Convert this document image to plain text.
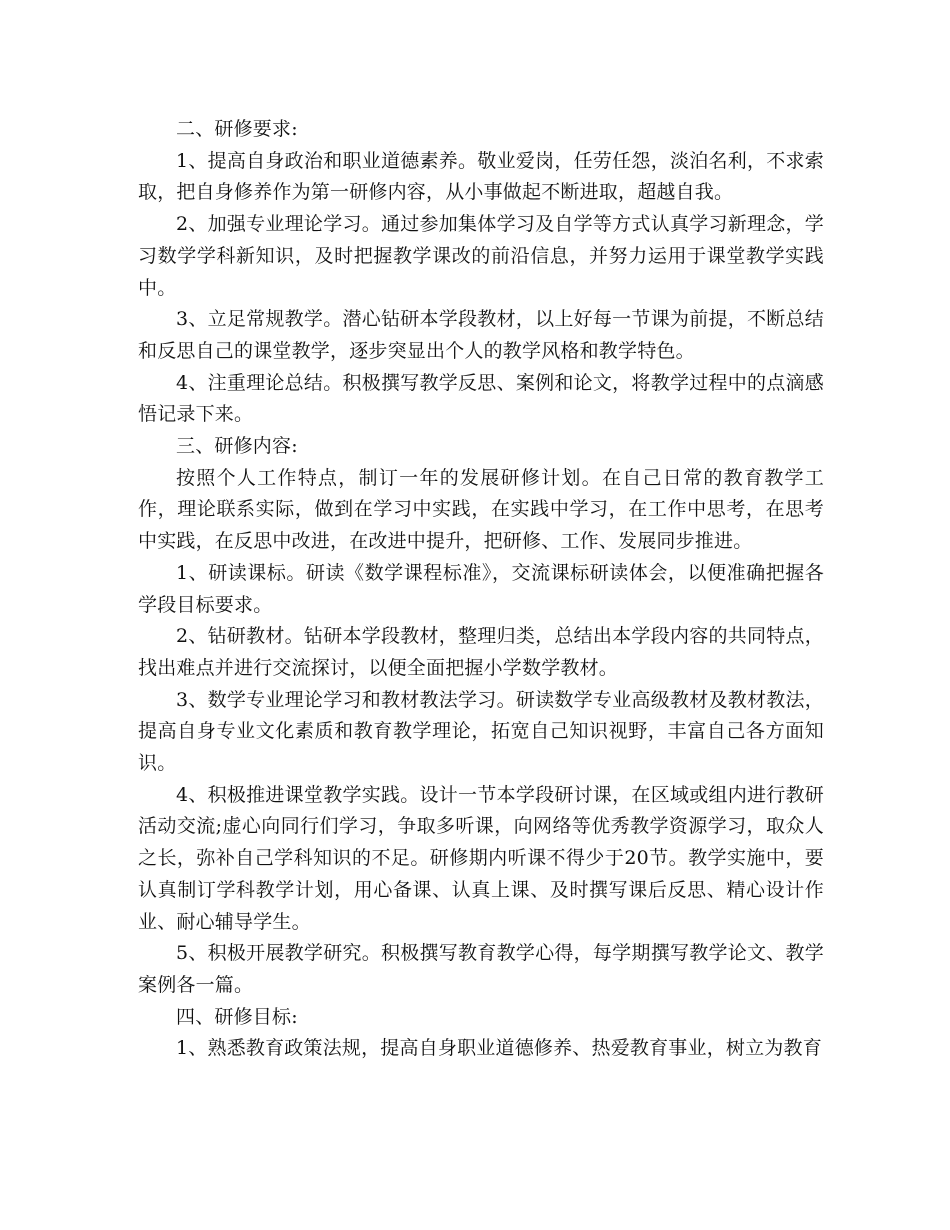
二、研修要求:

1、提高自身政治和职业道德素养。敬业爱岗，任劳任怨，淡泊名利，不求索取，把自身修养作为第一研修内容，从小事做起不断进取，超越自我。

2、加强专业理论学习。通过参加集体学习及自学等方式认真学习新理念，学习数学学科新知识，及时把握教学课改的前沿信息，并努力运用于课堂教学实践中。

3、立足常规教学。潜心钻研本学段教材，以上好每一节课为前提，不断总结和反思自己的课堂教学，逐步突显出个人的教学风格和教学特色。

4、注重理论总结。积极撰写教学反思、案例和论文，将教学过程中的点滴感悟记录下来。

三、研修内容:

按照个人工作特点，制订一年的发展研修计划。在自己日常的教育教学工作，理论联系实际，做到在学习中实践，在实践中学习，在工作中思考，在思考中实践，在反思中改进，在改进中提升，把研修、工作、发展同步推进。

1、研读课标。研读《数学课程标准》，交流课标研读体会，以便准确把握各学段目标要求。

2、钻研教材。钻研本学段教材，整理归类，总结出本学段内容的共同特点，找出难点并进行交流探讨，以便全面把握小学数学教材。

3、数学专业理论学习和教材教法学习。研读数学专业高级教材及教材教法，提高自身专业文化素质和教育教学理论，拓宽自己知识视野，丰富自己各方面知识。

4、积极推进课堂教学实践。设计一节本学段研讨课，在区域或组内进行教研活动交流;虚心向同行们学习，争取多听课，向网络等优秀教学资源学习，取众人之长，弥补自己学科知识的不足。研修期内听课不得少于20节。教学实施中，要认真制订学科教学计划，用心备课、认真上课、及时撰写课后反思、精心设计作业、耐心辅导学生。

5、积极开展教学研究。积极撰写教育教学心得，每学期撰写教学论文、教学案例各一篇。

四、研修目标:

1、熟悉教育政策法规，提高自身职业道德修养、热爱教育事业，树立为教育
